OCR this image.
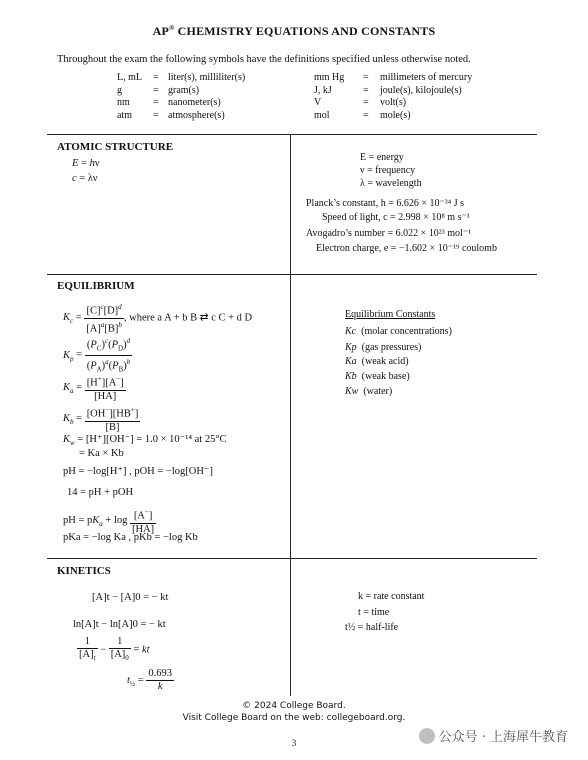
AP® CHEMISTRY EQUATIONS AND CONSTANTS
Throughout the exam the following symbols have the definitions specified unless otherwise noted.
L, mL = liter(s), milliliter(s)
g	= gram(s)
nm = nanometer(s)
atm = atmosphere(s)
mm Hg = millimeters of mercury
J, kJ	= joule(s), kilojoule(s)
V	= volt(s)
mol	= mole(s)
ATOMIC STRUCTURE
E = hν
c = λν
E = energy
ν = frequency
λ = wavelength
Planck’s constant, h = 6.626 × 10⁻³⁴ J s
Speed of light, c = 2.998 × 10⁸ m s⁻¹
Avogadro’s number = 6.022 × 10²³ mol⁻¹
Electron charge, e = −1.602 × 10⁻¹⁹ coulomb
EQUILIBRIUM
$K_c = \frac{[C]^c[D]^d}{[A]^a[B]^b}$ , where a A + b B ⇄ c C + d D
$K_p = \frac{(P_C)^c(P_D)^d}{(P_A)^a(P_B)^b}$
$K_a = \frac{[H^+][A^-]}{[HA]}$
$K_b = \frac{[OH^-][HB^+]}{[B]}$
$K_w = [H^+][OH^-] = 1.0 \times 10^{-14}$ at 25°C
= Ka × Kb
pH = −log[H⁺] , pOH = −log[OH⁻]
14 = pH + pOH
pH = $pK_a + \log \frac{[A^-]}{[HA]}$
pKa = −log Ka , pKb = −log Kb
Equilibrium Constants
Kc (molar concentrations)
Kp (gas pressures)
Ka (weak acid)
Kb (weak base)
Kw (water)
KINETICS
[A]t − [A]0 = − kt
ln[A]t − ln[A]0 = − kt
$\frac{1}{[A]_t} - \frac{1}{[A]_0}$ = kt
$t_{\frac{1}{2}} = \frac{0.693}{k}$
k = rate constant
t = time
t½ = half-life
© 2024 College Board.
Visit College Board on the web: collegeboard.org.
3	公众号 · 上海犀牛教育
